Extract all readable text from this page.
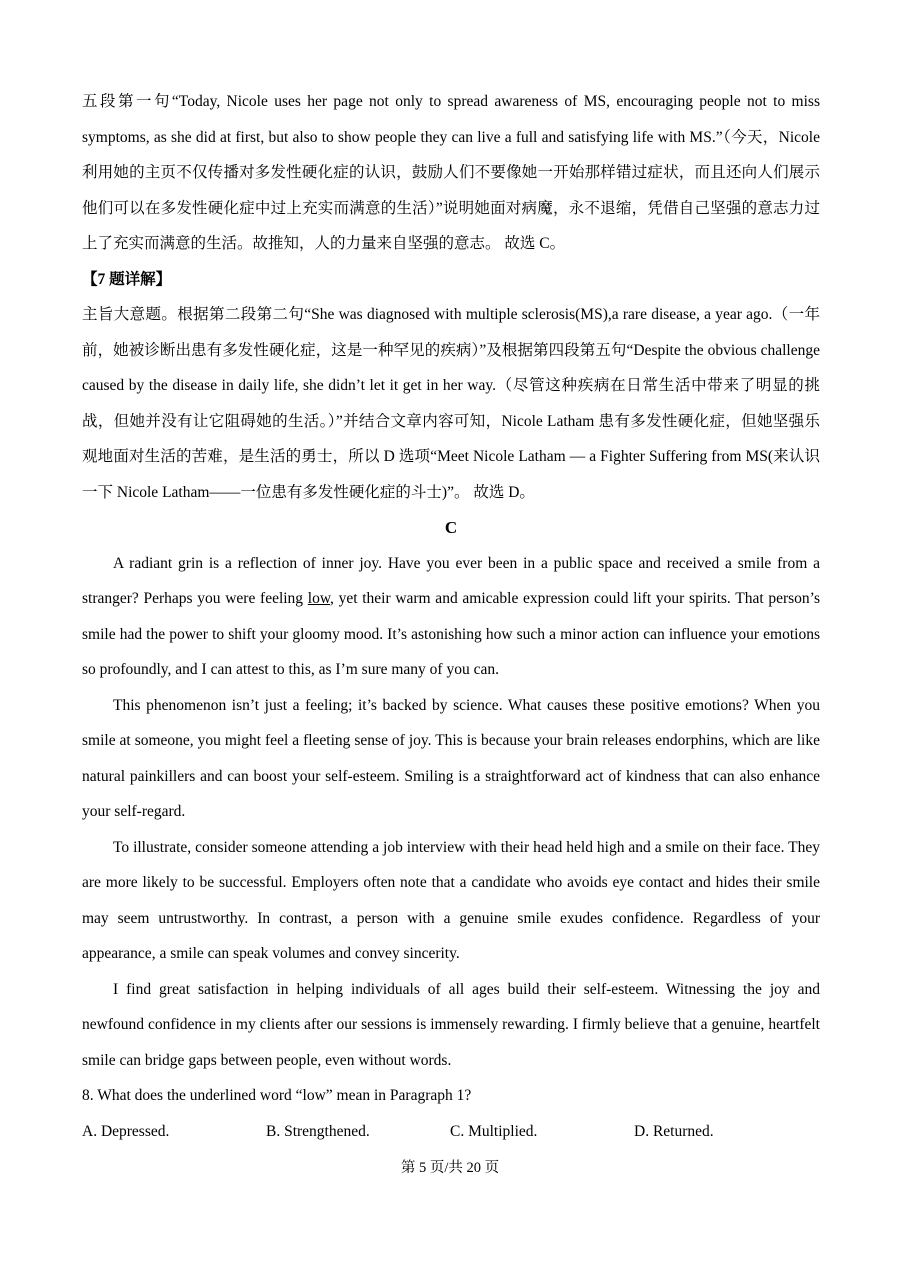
五段第一句“Today, Nicole uses her page not only to spread awareness of MS, encouraging people not to miss symptoms, as she did at first, but also to show people they can live a full and satisfying life with MS.”（今天，Nicole 利用她的主页不仅传播对多发性硬化症的认识，鼓励人们不要像她一开始那样错过症状，而且还向人们展示他们可以在多发性硬化症中过上充实而满意的生活）”说明她面对病魔，永不退缩，凭借自己坚强的意志力过上了充实而满意的生活。故推知，人的力量来自坚强的意志。 故选 C。

【7 题详解】

主旨大意题。根据第二段第二句“She was diagnosed with multiple sclerosis(MS),a rare disease, a year ago.（一年前，她被诊断出患有多发性硬化症，这是一种罕见的疾病）”及根据第四段第五句“Despite the obvious challenge caused by the disease in daily life, she didn’t let it get in her way.（尽管这种疾病在日常生活中带来了明显的挑战，但她并没有让它阻碍她的生活。）”并结合文章内容可知，Nicole Latham 患有多发性硬化症，但她坚强乐观地面对生活的苦难，是生活的勇士，所以 D 选项“Meet Nicole Latham — a Fighter Suffering from MS(来认识一下 Nicole Latham——一位患有多发性硬化症的斗士)”。 故选 D。

C

A radiant grin is a reflection of inner joy. Have you ever been in a public space and received a smile from a stranger? Perhaps you were feeling low, yet their warm and amicable expression could lift your spirits. That person’s smile had the power to shift your gloomy mood. It’s astonishing how such a minor action can influence your emotions so profoundly, and I can attest to this, as I’m sure many of you can.

This phenomenon isn’t just a feeling; it’s backed by science. What causes these positive emotions? When you smile at someone, you might feel a fleeting sense of joy. This is because your brain releases endorphins, which are like natural painkillers and can boost your self-esteem. Smiling is a straightforward act of kindness that can also enhance your self-regard.

To illustrate, consider someone attending a job interview with their head held high and a smile on their face. They are more likely to be successful. Employers often note that a candidate who avoids eye contact and hides their smile may seem untrustworthy. In contrast, a person with a genuine smile exudes confidence. Regardless of your appearance, a smile can speak volumes and convey sincerity.

I find great satisfaction in helping individuals of all ages build their self-esteem. Witnessing the joy and newfound confidence in my clients after our sessions is immensely rewarding. I firmly believe that a genuine, heartfelt smile can bridge gaps between people, even without words.

8. What does the underlined word “low” mean in Paragraph 1?

A. Depressed.	B. Strengthened.	C. Multiplied.	D. Returned.
第 5 页/共 20 页
